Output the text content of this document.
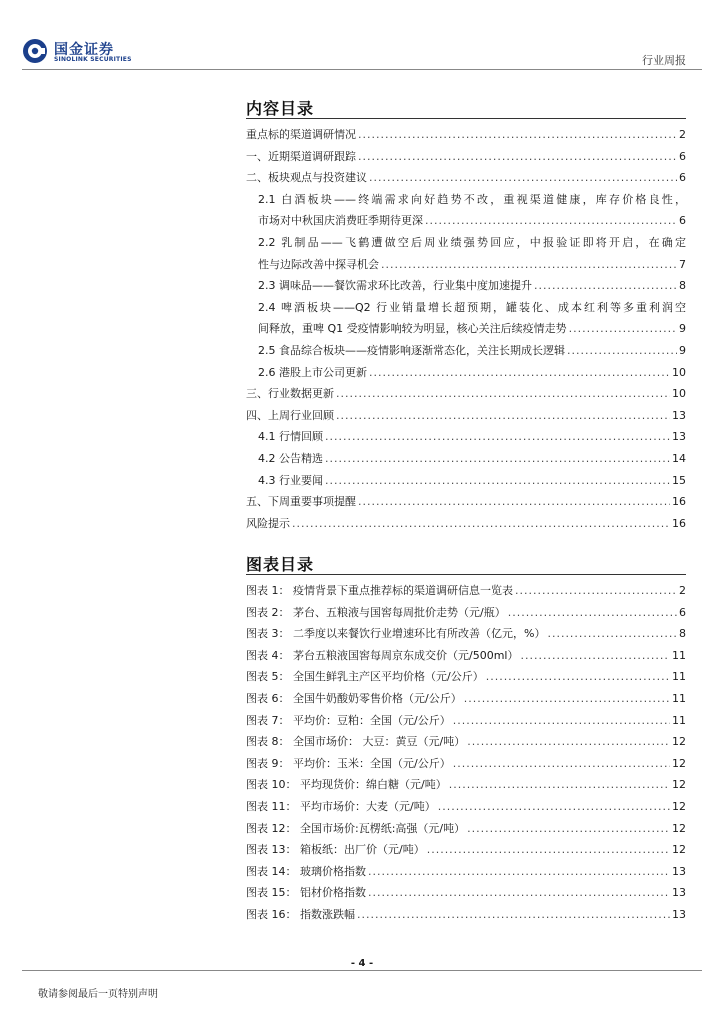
国金证券
SINOLINK SECURITIES	行业周报
内容目录
重点标的渠道调研情况 .....	2
一、近期渠道调研跟踪 .....	6
二、板块观点与投资建议 .....	6
2.1 白酒板块——终端需求向好趋势不改，重视渠道健康，库存价格良性，
市场对中秋国庆消费旺季期待更深 .....	6
2.2 乳制品——飞鹤遭做空后周业绩强势回应，中报验证即将开启，在确定
性与边际改善中探寻机会 .....	7
2.3 调味品——餐饮需求环比改善，行业集中度加速提升 .....	8
2.4 啤酒板块——Q2 行业销量增长超预期，罐装化、成本红利等多重利润空
间释放，重啤 Q1 受疫情影响较为明显，核心关注后续疫情走势 .....	9
2.5 食品综合板块——疫情影响逐渐常态化，关注长期成长逻辑 .....	9
2.6 港股上市公司更新 .....	10
三、行业数据更新 .....	10
四、上周行业回顾 .....	13
4.1 行情回顾 .....	13
4.2 公告精选 .....	14
4.3 行业要闻 .....	15
五、下周重要事项提醒 .....	16
风险提示 .....	16
图表目录
图表 1： 疫情背景下重点推荐标的渠道调研信息一览表 .....	2
图表 2： 茅台、五粮液与国窖每周批价走势（元/瓶） .....	6
图表 3： 二季度以来餐饮行业增速环比有所改善（亿元，%） .....	8
图表 4： 茅台五粮液国窖每周京东成交价（元/500ml） .....	11
图表 5： 全国生鲜乳主产区平均价格（元/公斤） .....	11
图表 6： 全国牛奶酸奶零售价格（元/公斤） .....	11
图表 7： 平均价：豆粕：全国（元/公斤） .....	11
图表 8： 全国市场价： 大豆：黄豆（元/吨） .....	12
图表 9： 平均价：玉米：全国（元/公斤） .....	12
图表 10： 平均现货价：绵白糖（元/吨） .....	12
图表 11： 平均市场价：大麦（元/吨） .....	12
图表 12： 全国市场价:瓦楞纸:高强（元/吨） .....	12
图表 13： 箱板纸：出厂价（元/吨） .....	12
图表 14： 玻璃价格指数 .....	13
图表 15： 铝材价格指数 .....	13
图表 16： 指数涨跌幅 .....	13
- 4 -
敬请参阅最后一页特别声明
